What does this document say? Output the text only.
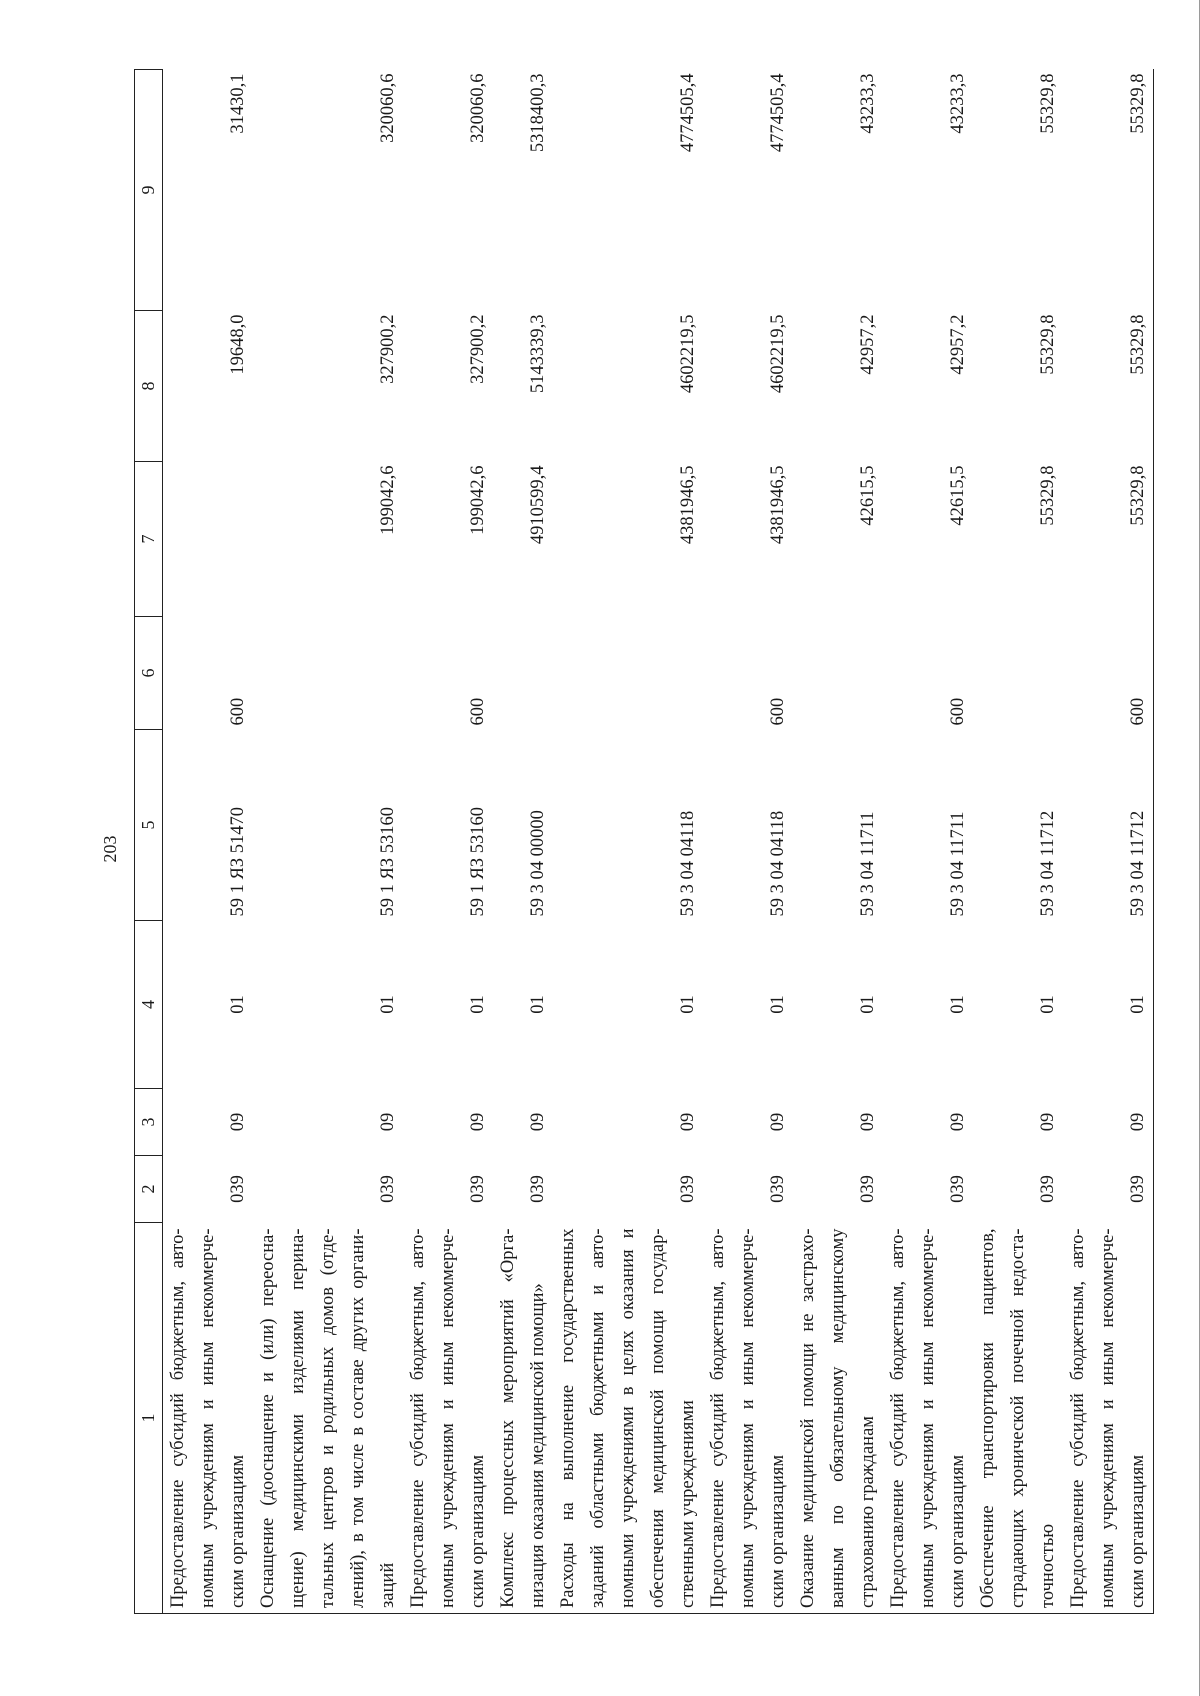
203
1	2	3	4	5	6	7	8	9
Предоставление субсидий бюджетным, авто-номным учреждениям и иным некоммерче-ским организациям	039	09	01	59 1 ЯЗ 51470	600		19648,0	31430,1
Оснащение (дооснащение и (или) переосна-щение) медицинскими изделиями перина-тальных центров и родильных домов (отде-лений), в том числе в составе других органи-заций	039	09	01	59 1 ЯЗ 53160		199042,6	327900,2	320060,6
Предоставление субсидий бюджетным, авто-номным учреждениям и иным некоммерче-ским организациям	039	09	01	59 1 ЯЗ 53160	600	199042,6	327900,2	320060,6
Комплекс процессных мероприятий «Орга-низация оказания медицинской помощи»	039	09	01	59 3 04 00000		4910599,4	5143339,3	5318400,3
Расходы на выполнение государственных заданий областными бюджетными и авто-номными учреждениями в целях оказания и обеспечения медицинской помощи государ-ственными учреждениями	039	09	01	59 3 04 04118		4381946,5	4602219,5	4774505,4
Предоставление субсидий бюджетным, авто-номным учреждениям и иным некоммерче-ским организациям	039	09	01	59 3 04 04118	600	4381946,5	4602219,5	4774505,4
Оказание медицинской помощи не застрахо-ванным по обязательному медицинскому страхованию гражданам	039	09	01	59 3 04 11711		42615,5	42957,2	43233,3
Предоставление субсидий бюджетным, авто-номным учреждениям и иным некоммерче-ским организациям	039	09	01	59 3 04 11711	600	42615,5	42957,2	43233,3
Обеспечение транспортировки пациентов, страдающих хронической почечной недоста-точностью	039	09	01	59 3 04 11712		55329,8	55329,8	55329,8
Предоставление субсидий бюджетным, авто-номным учреждениям и иным некоммерче-ским организациям	039	09	01	59 3 04 11712	600	55329,8	55329,8	55329,8
